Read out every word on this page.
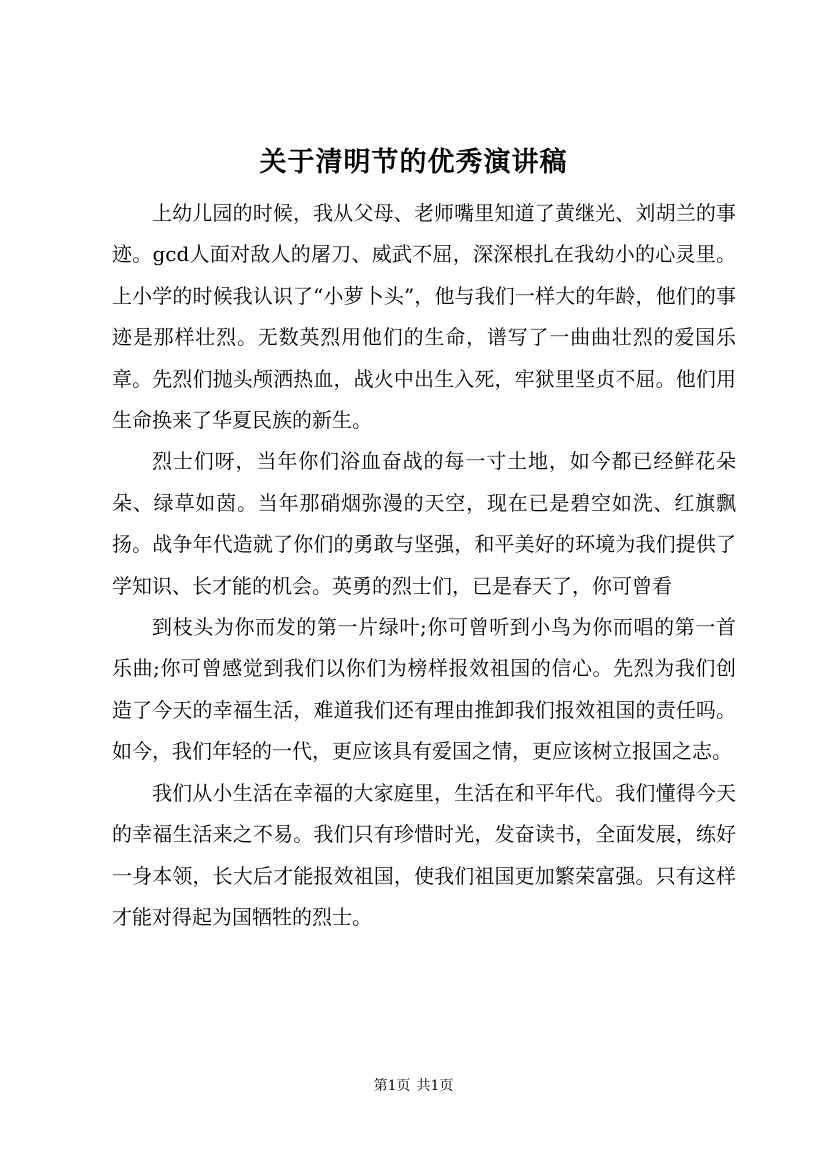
关于清明节的优秀演讲稿

上幼儿园的时候，我从父母、老师嘴里知道了黄继光、刘胡兰的事迹。gcd人面对敌人的屠刀、威武不屈，深深根扎在我幼小的心灵里。上小学的时候我认识了“小萝卜头”，他与我们一样大的年龄，他们的事迹是那样壮烈。无数英烈用他们的生命，谱写了一曲曲壮烈的爱国乐章。先烈们抛头颅洒热血，战火中出生入死，牢狱里坚贞不屈。他们用生命换来了华夏民族的新生。

烈士们呀，当年你们浴血奋战的每一寸土地，如今都已经鲜花朵朵、绿草如茵。当年那硝烟弥漫的天空，现在已是碧空如洗、红旗飘扬。战争年代造就了你们的勇敢与坚强，和平美好的环境为我们提供了学知识、长才能的机会。英勇的烈士们，已是春天了，你可曾看

到枝头为你而发的第一片绿叶;你可曾听到小鸟为你而唱的第一首乐曲;你可曾感觉到我们以你们为榜样报效祖国的信心。先烈为我们创造了今天的幸福生活，难道我们还有理由推卸我们报效祖国的责任吗。如今，我们年轻的一代，更应该具有爱国之情，更应该树立报国之志。

我们从小生活在幸福的大家庭里，生活在和平年代。我们懂得今天的幸福生活来之不易。我们只有珍惜时光，发奋读书，全面发展，练好一身本领，长大后才能报效祖国，使我们祖国更加繁荣富强。只有这样才能对得起为国牺牲的烈士。

第1页 共1页
